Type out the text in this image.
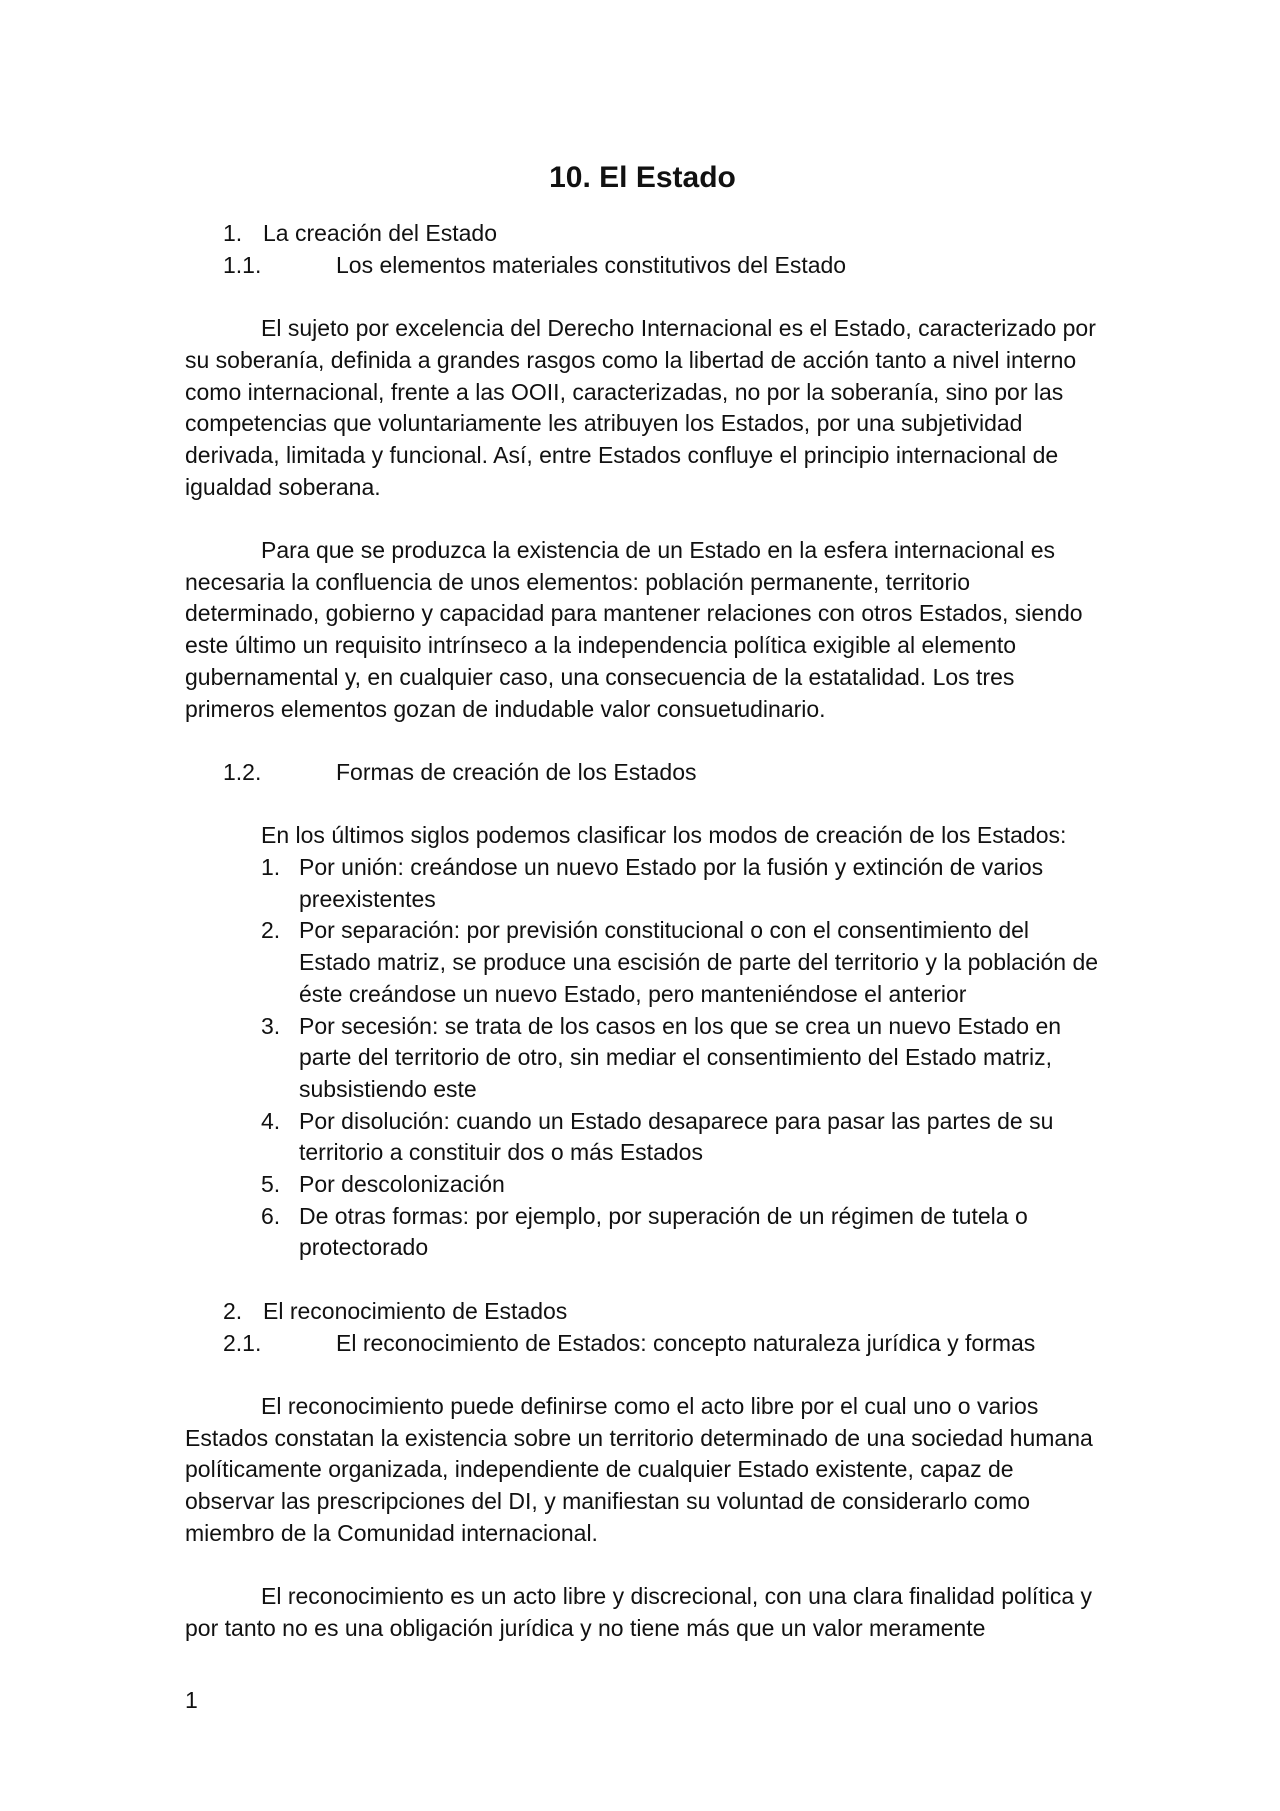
10. El Estado
1. La creación del Estado
1.1.	Los elementos materiales constitutivos del Estado

El sujeto por excelencia del Derecho Internacional es el Estado, caracterizado por su soberanía, definida a grandes rasgos como la libertad de acción tanto a nivel interno como internacional, frente a las OOII, caracterizadas, no por la soberanía, sino por las competencias que voluntariamente les atribuyen los Estados, por una subjetividad derivada, limitada y funcional. Así, entre Estados confluye el principio internacional de igualdad soberana.

Para que se produzca la existencia de un Estado en la esfera internacional es necesaria la confluencia de unos elementos: población permanente, territorio determinado, gobierno y capacidad para mantener relaciones con otros Estados, siendo este último un requisito intrínseco a la independencia política exigible al elemento gubernamental y, en cualquier caso, una consecuencia de la estatalidad. Los tres primeros elementos gozan de indudable valor consuetudinario.

1.2.	Formas de creación de los Estados
En los últimos siglos podemos clasificar los modos de creación de los Estados:
1. Por unión: creándose un nuevo Estado por la fusión y extinción de varios preexistentes
2. Por separación: por previsión constitucional o con el consentimiento del Estado matriz, se produce una escisión de parte del territorio y la población de éste creándose un nuevo Estado, pero manteniéndose el anterior
3. Por secesión: se trata de los casos en los que se crea un nuevo Estado en parte del territorio de otro, sin mediar el consentimiento del Estado matriz, subsistiendo este
4. Por disolución: cuando un Estado desaparece para pasar las partes de su territorio a constituir dos o más Estados
5. Por descolonización
6. De otras formas: por ejemplo, por superación de un régimen de tutela o protectorado
2. El reconocimiento de Estados
2.1.	El reconocimiento de Estados: concepto naturaleza jurídica y formas

El reconocimiento puede definirse como el acto libre por el cual uno o varios Estados constatan la existencia sobre un territorio determinado de una sociedad humana políticamente organizada, independiente de cualquier Estado existente, capaz de observar las prescripciones del DI, y manifiestan su voluntad de considerarlo como miembro de la Comunidad internacional.

El reconocimiento es un acto libre y discrecional, con una clara finalidad política y por tanto no es una obligación jurídica y no tiene más que un valor meramente

1
